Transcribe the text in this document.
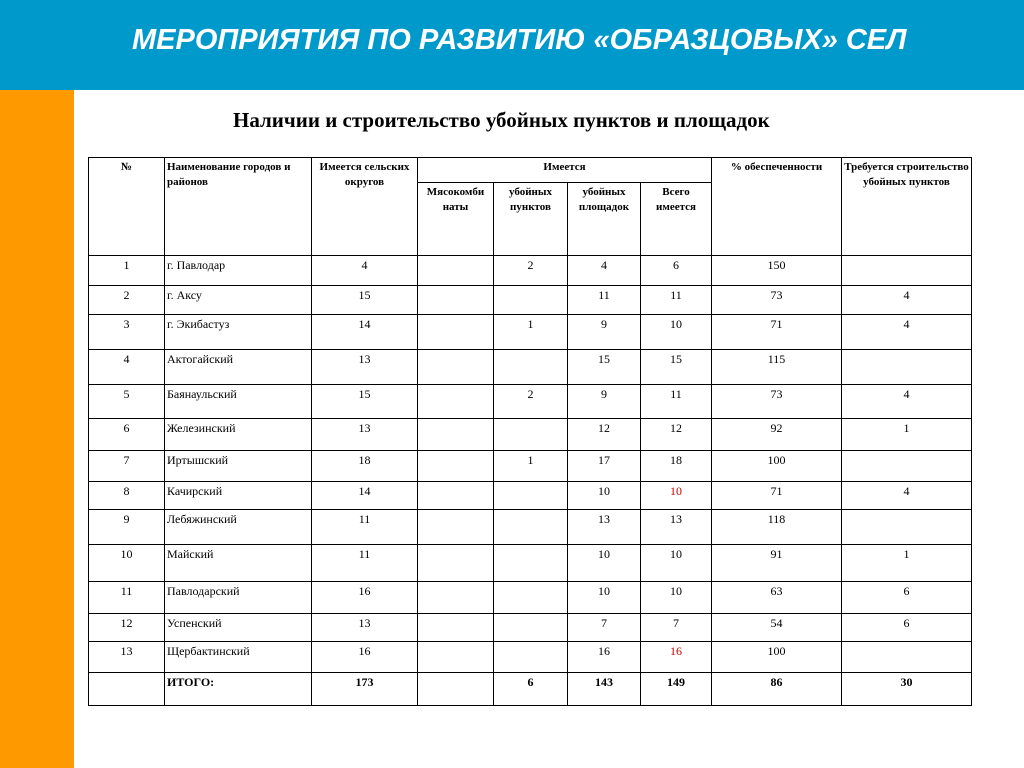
МЕРОПРИЯТИЯ ПО РАЗВИТИЮ «ОБРАЗЦОВЫХ» СЕЛ
Наличии и строительство убойных пунктов и площадок
№	Наименование городов и районов	Имеется сельских округов	Имеется				% обеспеченности	Требуется строительство убойных пунктов
			Мясокомби наты	убойных пунктов	убойных площадок	Всего имеется		
1	г. Павлодар	4		2	4	6	150	
2	г. Аксу	15			11	11	73	4
3	г. Экибастуз	14		1	9	10	71	4
4	Актогайский	13			15	15	115	
5	Баянаульский	15		2	9	11	73	4
6	Железинский	13			12	12	92	1
7	Иртышский	18		1	17	18	100	
8	Качирский	14			10	10	71	4
9	Лебяжинский	11			13	13	118	
10	Майский	11			10	10	91	1
11	Павлодарский	16			10	10	63	6
12	Успенский	13			7	7	54	6
13	Щербактинский	16			16	16	100	
	ИТОГО:	173		6	143	149	86	30
